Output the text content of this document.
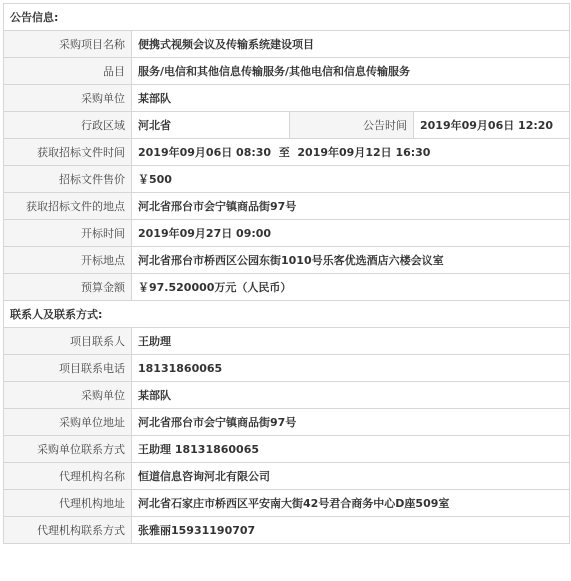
公告信息:			
采购项目名称	便携式视频会议及传输系统建设项目		
品目	服务/电信和其他信息传输服务/其他电信和信息传输服务		
采购单位	某部队		
行政区域	河北省	公告时间	2019年09月06日 12:20
获取招标文件时间	2019年09月06日 08:30  至  2019年09月12日 16:30		
招标文件售价	￥500		
获取招标文件的地点	河北省邢台市会宁镇商品街97号		
开标时间	2019年09月27日 09:00		
开标地点	河北省邢台市桥西区公园东街1010号乐客优选酒店六楼会议室		
预算金额	￥97.520000万元（人民币）		
联系人及联系方式:			
项目联系人	王助理		
项目联系电话	18131860065		
采购单位	某部队		
采购单位地址	河北省邢台市会宁镇商品街97号		
采购单位联系方式	王助理 18131860065		
代理机构名称	恒道信息咨询河北有限公司		
代理机构地址	河北省石家庄市桥西区平安南大街42号君合商务中心D座509室		
代理机构联系方式	张雅丽15931190707		
